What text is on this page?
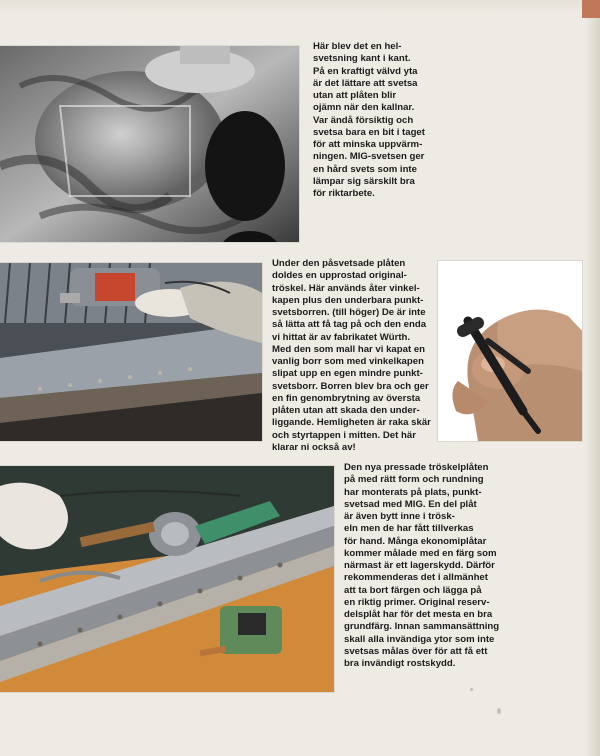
Här blev det en hel-
svetsning kant i kant.
På en kraftigt välvd yta
är det lättare att svetsa
utan att plåten blir
ojämn när den kallnar.
Var ändå försiktig och
svetsa bara en bit i taget
för att minska uppvärm-
ningen. MIG-svetsen ger
en hård svets som inte
lämpar sig särskilt bra
för riktarbete.

Under den påsvetsade plåten
doldes en upprostad original-
tröskel. Här används åter vinkel-
kapen plus den underbara punkt-
svetsborren. (till höger) De är inte
så lätta att få tag på och den enda
vi hittat är av fabrikatet Würth.
Med den som mall har vi kapat en
vanlig borr som med vinkelkapen
slipat upp en egen mindre punkt-
svetsborr. Borren blev bra och ger
en fin genombrytning av översta
plåten utan att skada den under-
liggande. Hemligheten är raka skär
och styrtappen i mitten. Det här
klarar ni också av!

Den nya pressade tröskelplåten
på med rätt form och rundning
har monterats på plats, punkt-
svetsad med MIG. En del plåt
är även bytt inne i trösk-
eln men de har fått tillverkas
för hand. Många ekonomiplåtar
kommer målade med en färg som
närmast är ett lagerskydd. Därför
rekommenderas det i allmänhet
att ta bort färgen och lägga på
en riktig primer. Original reserv-
delsplåt har för det mesta en bra
grundfärg. Innan sammansättning
skall alla invändiga ytor som inte
svetsas målas över för att få ett
bra invändigt rostskydd.
